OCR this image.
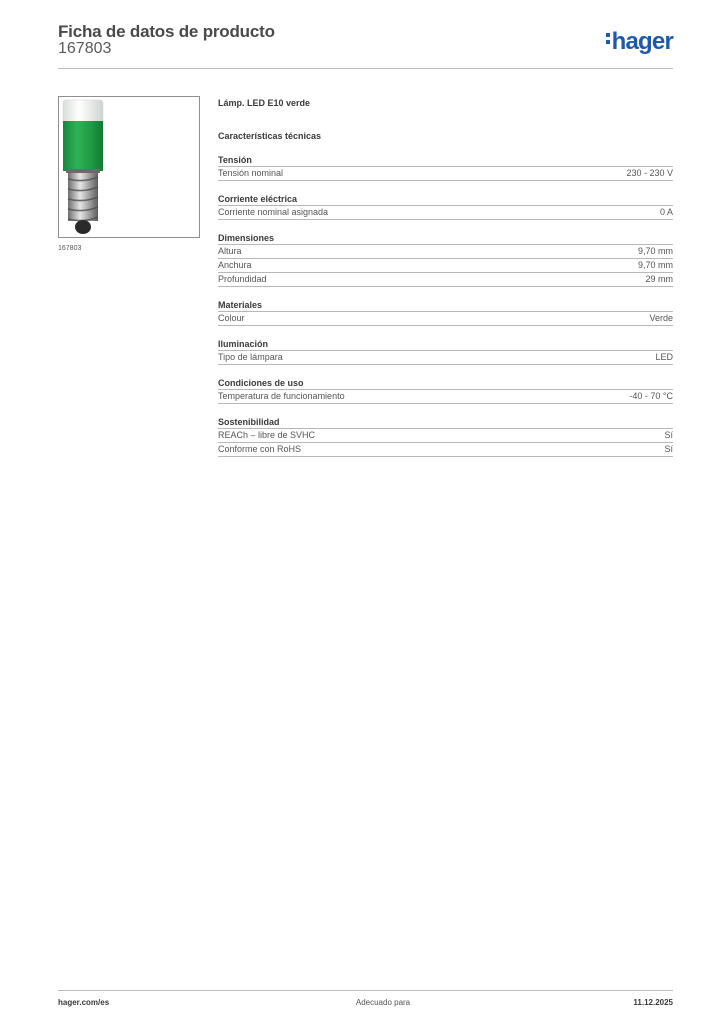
Ficha de datos de producto
167803	hager
167803
Lámp. LED E10 verde
Características técnicas
Tensión
Tensión nominal	230 - 230 V
Corriente eléctrica
Corriente nominal asignada	0 A
Dimensiones
Altura	9,70 mm
Anchura	9,70 mm
Profundidad	29 mm
Materiales
Colour	Verde
Iluminación
Tipo de lámpara	LED
Condiciones de uso
Temperatura de funcionamiento	-40 - 70 °C
Sostenibilidad
REACh – libre de SVHC	Sí
Conforme con RoHS	Sí
hager.com/es	Adecuado para	11.12.2025
